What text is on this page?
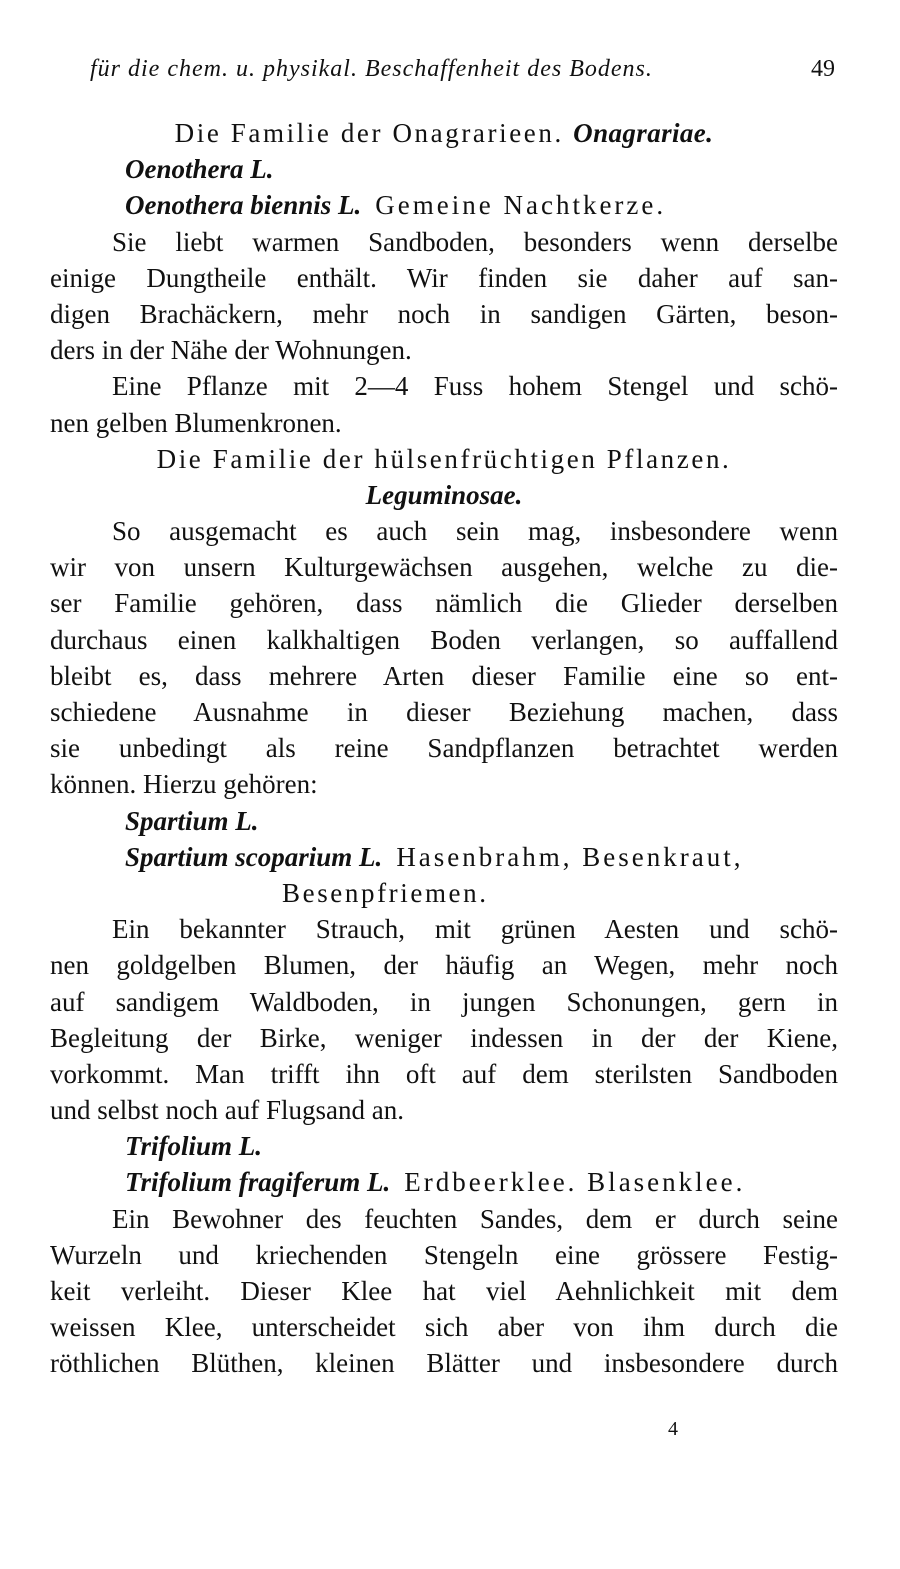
für die chem. u. physikal. Beschaffenheit des Bodens.	49
Die Familie der Onagrarieen. Onagrariae.
Oenothera L.
Oenothera biennis L. Gemeine Nachtkerze.
Sie liebt warmen Sandboden, besonders wenn derselbe
einige Dungtheile enthält. Wir finden sie daher auf san-
digen Brachäckern, mehr noch in sandigen Gärten, beson-
ders in der Nähe der Wohnungen.
Eine Pflanze mit 2—4 Fuss hohem Stengel und schö-
nen gelben Blumenkronen.
Die Familie der hülsenfrüchtigen Pflanzen.
Leguminosae.
So ausgemacht es auch sein mag, insbesondere wenn
wir von unsern Kulturgewächsen ausgehen, welche zu die-
ser Familie gehören, dass nämlich die Glieder derselben
durchaus einen kalkhaltigen Boden verlangen, so auffallend
bleibt es, dass mehrere Arten dieser Familie eine so ent-
schiedene Ausnahme in dieser Beziehung machen, dass
sie unbedingt als reine Sandpflanzen betrachtet werden
können. Hierzu gehören:
Spartium L.
Spartium scoparium L. Hasenbrahm, Besenkraut,
Besenpfriemen.
Ein bekannter Strauch, mit grünen Aesten und schö-
nen goldgelben Blumen, der häufig an Wegen, mehr noch
auf sandigem Waldboden, in jungen Schonungen, gern in
Begleitung der Birke, weniger indessen in der der Kiene,
vorkommt. Man trifft ihn oft auf dem sterilsten Sandboden
und selbst noch auf Flugsand an.
Trifolium L.
Trifolium fragiferum L. Erdbeerklee. Blasenklee.
Ein Bewohner des feuchten Sandes, dem er durch seine
Wurzeln und kriechenden Stengeln eine grössere Festig-
keit verleiht. Dieser Klee hat viel Aehnlichkeit mit dem
weissen Klee, unterscheidet sich aber von ihm durch die
röthlichen Blüthen, kleinen Blätter und insbesondere durch
4
